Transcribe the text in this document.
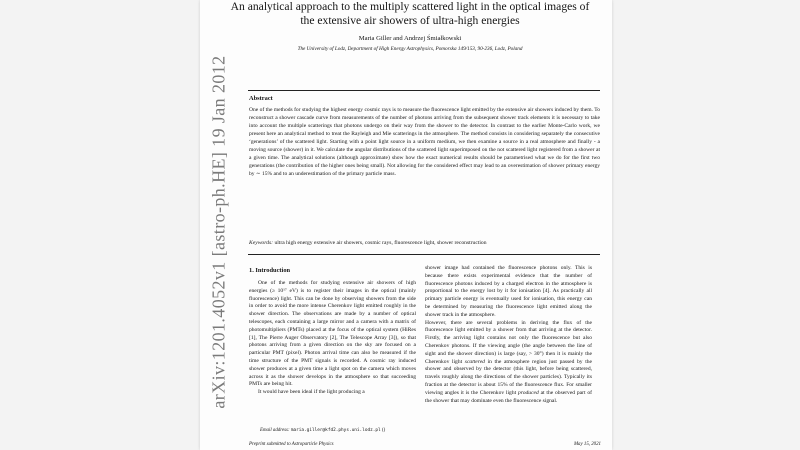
arXiv:1201.4052v1 [astro-ph.HE] 19 Jan 2012
An analytical approach to the multiply scattered light in the optical images of the extensive air showers of ultra-high energies
Maria Giller and Andrzej Śmiałkowski
The University of Lodz, Department of High Energy Astrophysics, Pomorska 149/153, 90-236, Lodz, Poland
Abstract
One of the methods for studying the highest energy cosmic rays is to measure the fluorescence light emitted by the extensive air showers induced by them. To reconstruct a shower cascade curve from measurements of the number of photons arriving from the subsequent shower track elements it is necessary to take into account the multiple scatterings that photons undergo on their way from the shower to the detector. In contrast to the earlier Monte-Carlo work, we present here an analytical method to treat the Rayleigh and Mie scatterings in the atmosphere. The method consists in considering separately the consecutive ‘generations’ of the scattered light. Starting with a point light source in a uniform medium, we then examine a source in a real atmosphere and finally - a moving source (shower) in it. We calculate the angular distributions of the scattered light superimposed on the not scattered light registered from a shower at a given time. The analytical solutions (although approximate) show how the exact numerical results should be parametrised what we do for the first two generations (the contribution of the higher ones being small). Not allowing for the considered effect may lead to an overestimation of shower primary energy by ∼ 15% and to an underestimation of the primary particle mass.
Keywords: ultra high energy extensive air showers, cosmic rays, fluorescence light, shower reconstruction
1. Introduction

One of the methods for studying extensive air showers of high energies (≥ 10¹⁷ eV) is to register their images in the optical (mainly fluorescence) light. This can be done by observing showers from the side in order to avoid the more intense Cherenkov light emitted roughly in the shower direction. The observations are made by a number of optical telescopes, each containing a large mirror and a camera with a matrix of photomultipliers (PMTs) placed at the focus of the optical system (HiRes [1], The Pierre Auger Observatory [2], The Telescope Array [3]), so that photons arriving from a given direction on the sky are focused on a particular PMT (pixel). Photon arrival time can also be measured if the time structure of the PMT signals is recorded. A cosmic ray induced shower produces at a given time a light spot on the camera which moves across it as the shower develops in the atmosphere so that succeeding PMTs are being hit.

It would have been ideal if the light producing a

shower image had contained the fluorescence photons only. This is because there exists experimental evidence that the number of fluorescence photons induced by a charged electron in the atmosphere is proportional to the energy lost by it for ionisation [4]. As practically all primary particle energy is eventually used for ionisation, this energy can be determined by measuring the fluorescence light emitted along the shower track in the atmosphere.

However, there are several problems in deriving the flux of the fluorescence light emitted by a shower from that arriving at the detector. Firstly, the arriving light contains not only the fluorescence but also Cherenkov photons. If the viewing angle (the angle between the line of sight and the shower direction) is large (say, > 30°) then it is mainly the Cherenkov light scattered in the atmosphere region just passed by the shower and observed by the detector (this light, before being scattered, travels roughly along the directions of the shower particles). Typically its fraction at the detector is about 15% of the fluorescence flux. For smaller viewing angles it is the Cherenkov light produced at the observed part of the shower that may dominate even the fluorescence signal.

Email address: maria.giller@kfd2.phys.uni.lodz.pl ()
Preprint submitted to Astroparticle Physics	May 15, 2021
